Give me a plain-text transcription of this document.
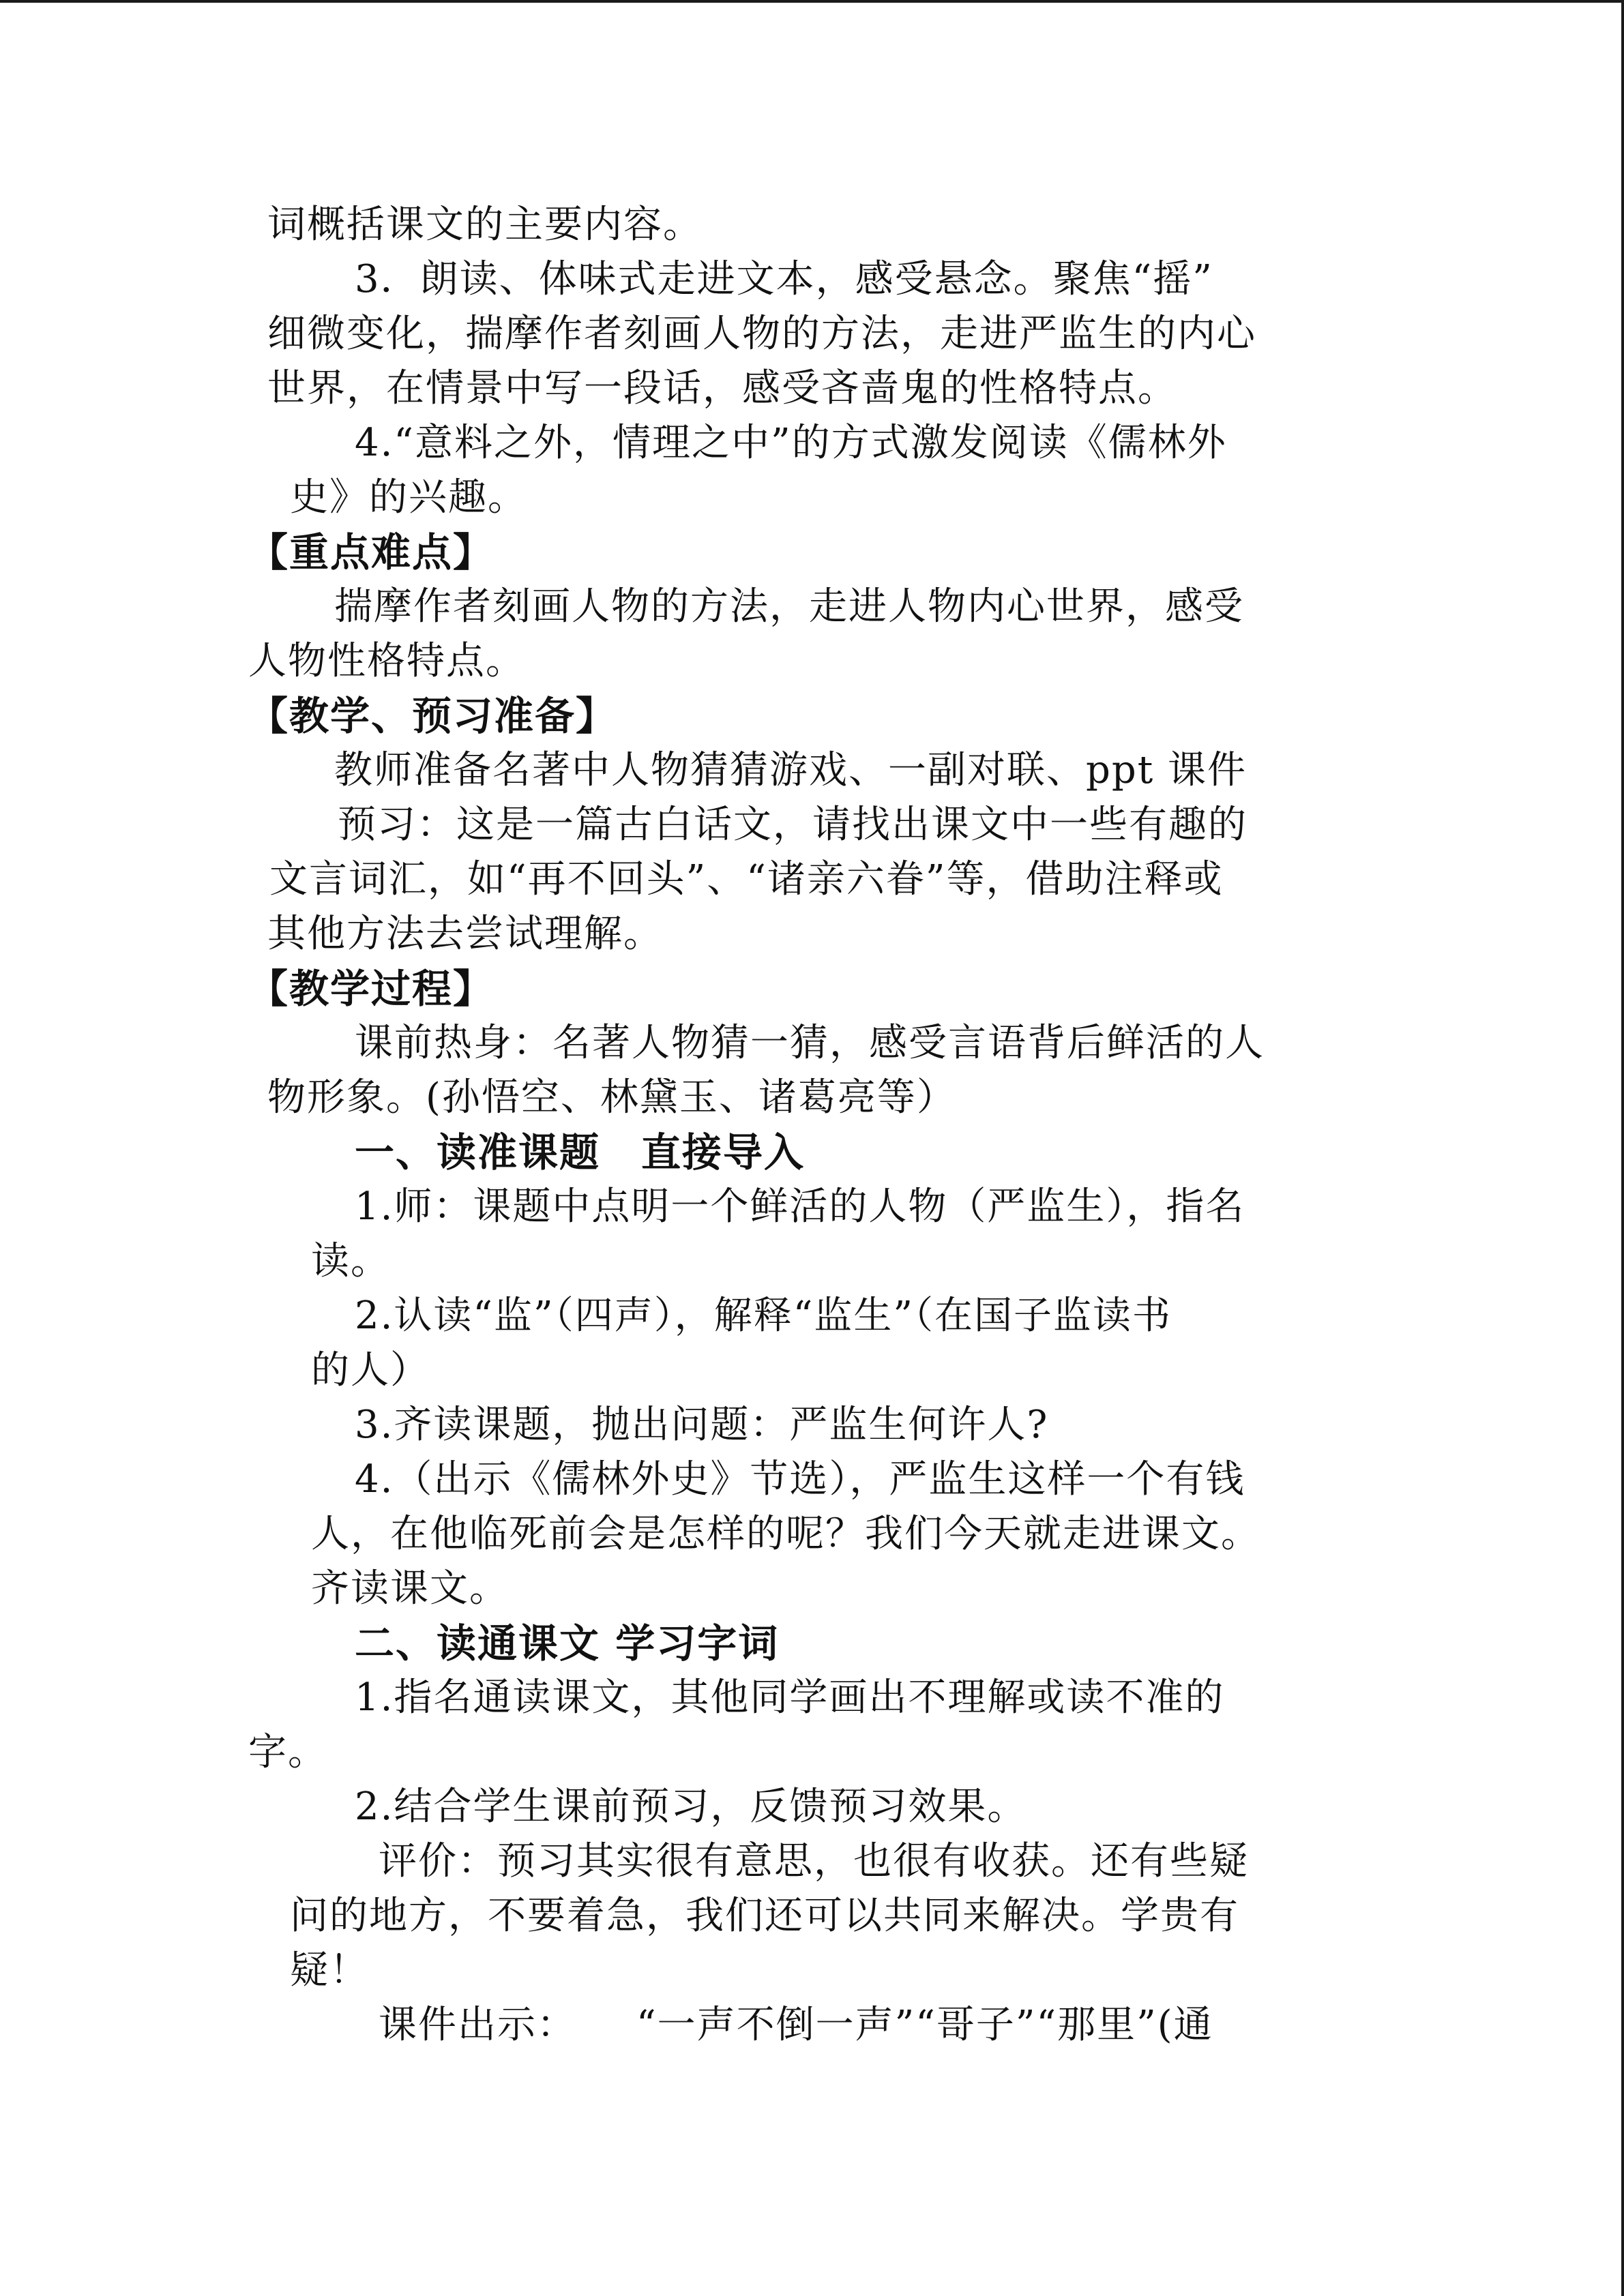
词概括课文的主要内容。
3．朗读、体味式走进文本，感受悬念。聚焦“摇”
细微变化，揣摩作者刻画人物的方法，走进严监生的内心
世界，在情景中写一段话，感受吝啬鬼的性格特点。
4.“意料之外，情理之中”的方式激发阅读《儒林外
史》的兴趣。
【重点难点】
揣摩作者刻画人物的方法，走进人物内心世界，感受
人物性格特点。
【教学、预习准备】
教师准备名著中人物猜猜游戏、一副对联、ppt 课件
预习：这是一篇古白话文，请找出课文中一些有趣的
文言词汇，如“再不回头”、“诸亲六眷”等，借助注释或
其他方法去尝试理解。
【教学过程】
课前热身：名著人物猜一猜，感受言语背后鲜活的人
物形象。(孙悟空、林黛玉、诸葛亮等）
一、读准课题　直接导入
1.师：课题中点明一个鲜活的人物（严监生），指名
读。
2.认读“监”（四声），解释“监生”（在国子监读书
的人）
3.齐读课题，抛出问题：严监生何许人?
4.（出示《儒林外史》节选），严监生这样一个有钱
人，在他临死前会是怎样的呢？我们今天就走进课文。
齐读课文。
二、读通课文 学习字词
1.指名通读课文，其他同学画出不理解或读不准的
字。
2.结合学生课前预习，反馈预习效果。
评价：预习其实很有意思，也很有收获。还有些疑
问的地方，不要着急，我们还可以共同来解决。学贵有
疑！
课件出示：　　“一声不倒一声”“哥子”“那里”(通
